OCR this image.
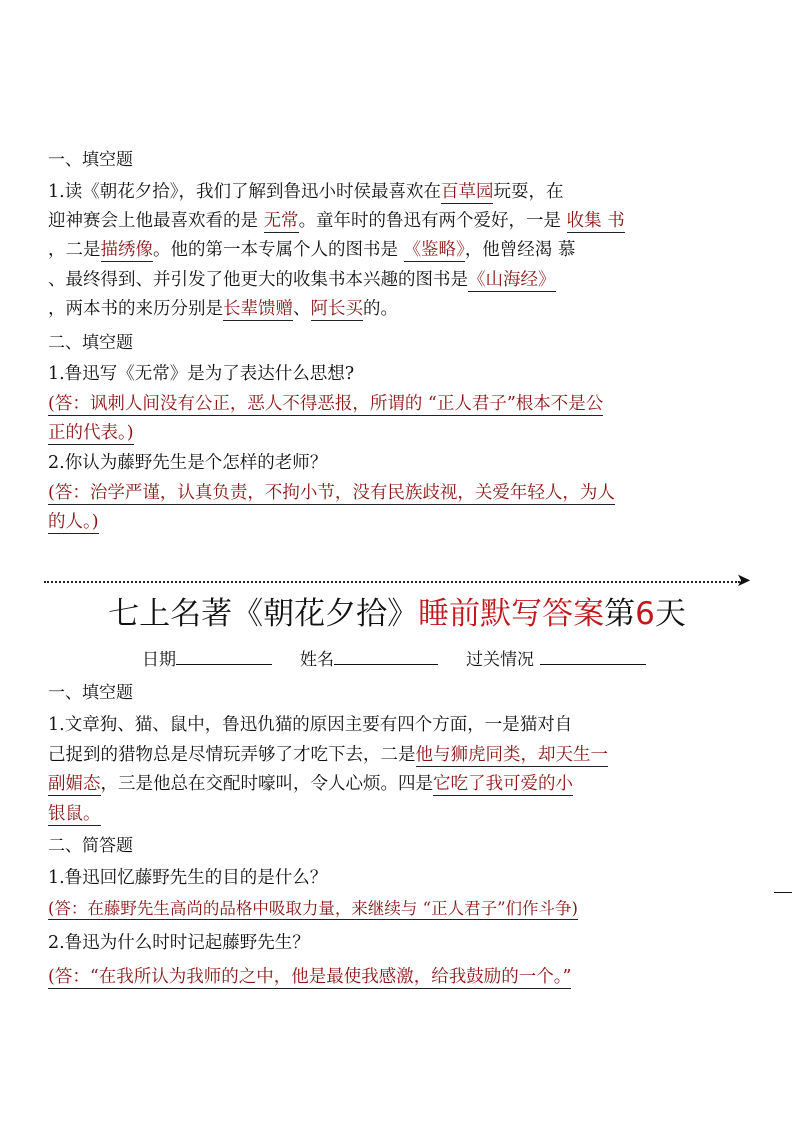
一、填空题
1.读《朝花夕拾》，我们了解到鲁迅小时侯最喜欢在百草园玩耍，在
迎神赛会上他最喜欢看的是 无常。童年时的鲁迅有两个爱好，一是 收集 书
，二是描绣像。他的第一本专属个人的图书是 《鉴略》，他曾经渴 慕
、最终得到、并引发了他更大的收集书本兴趣的图书是《山海经》
，两本书的来历分别是长辈馈赠、阿长买的。
二、填空题
1.鲁迅写《无常》是为了表达什么思想?
(答：讽刺人间没有公正，恶人不得恶报，所谓的 “正人君子”根本不是公
正的代表。)
2.你认为藤野先生是个怎样的老师？
(答：治学严谨，认真负责，不拘小节，没有民族歧视，关爱年轻人，为人
的人。)
➤
七上名著《朝花夕拾》睡前默写答案第6天
日期	姓名	过关情况
一、填空题
1.文章狗、猫、鼠中，鲁迅仇猫的原因主要有四个方面，一是猫对自
己捉到的猎物总是尽情玩弄够了才吃下去，二是他与狮虎同类，却天生一
副媚态，三是他总在交配时嚎叫，令人心烦。四是它吃了我可爱的小
银鼠。
二、简答题
1.鲁迅回忆藤野先生的目的是什么？
(答：在藤野先生高尚的品格中吸取力量，来继续与 “正人君子”们作斗争)
2.鲁迅为什么时时记起藤野先生？
(答：“在我所认为我师的之中，他是最使我感激，给我鼓励的一个。”
